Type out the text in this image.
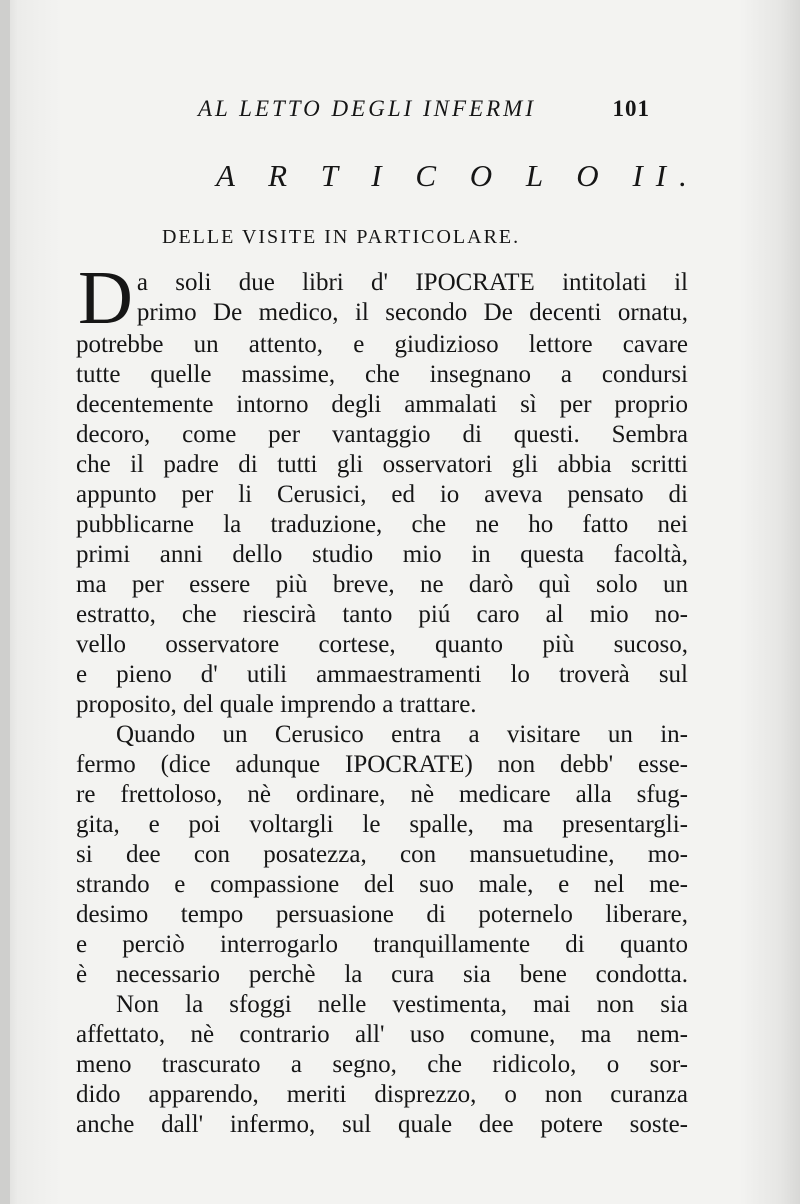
AL LETTO DEGLI INFERMI	101
A R T I C O L O II.
DELLE VISITE IN PARTICOLARE.
D a soli due libri d' IPOCRATE intitolati il
primo De medico, il secondo De decenti ornatu,
potrebbe un attento, e giudizioso lettore cavare
tutte quelle massime, che insegnano a condursi
decentemente intorno degli ammalati sì per proprio
decoro, come per vantaggio di questi. Sembra
che il padre di tutti gli osservatori gli abbia scritti
appunto per li Cerusici, ed io aveva pensato di
pubblicarne la traduzione, che ne ho fatto nei
primi anni dello studio mio in questa facoltà,
ma per essere più breve, ne darò quì solo un
estratto, che riescirà tanto piú caro al mio no-
vello osservatore cortese, quanto più sucoso,
e pieno d' utili ammaestramenti lo troverà sul
proposito, del quale imprendo a trattare.
Quando un Cerusico entra a visitare un in-
fermo (dice adunque IPOCRATE) non debb' esse-
re frettoloso, nè ordinare, nè medicare alla sfug-
gita, e poi voltargli le spalle, ma presentargli-
si dee con posatezza, con mansuetudine, mo-
strando e compassione del suo male, e nel me-
desimo tempo persuasione di poternelo liberare,
e perciò interrogarlo tranquillamente di quanto
è necessario perchè la cura sia bene condotta.
Non la sfoggi nelle vestimenta, mai non sia
affettato, nè contrario all' uso comune, ma nem-
meno trascurato a segno, che ridicolo, o sor-
dido apparendo, meriti disprezzo, o non curanza
anche dall' infermo, sul quale dee potere soste-
